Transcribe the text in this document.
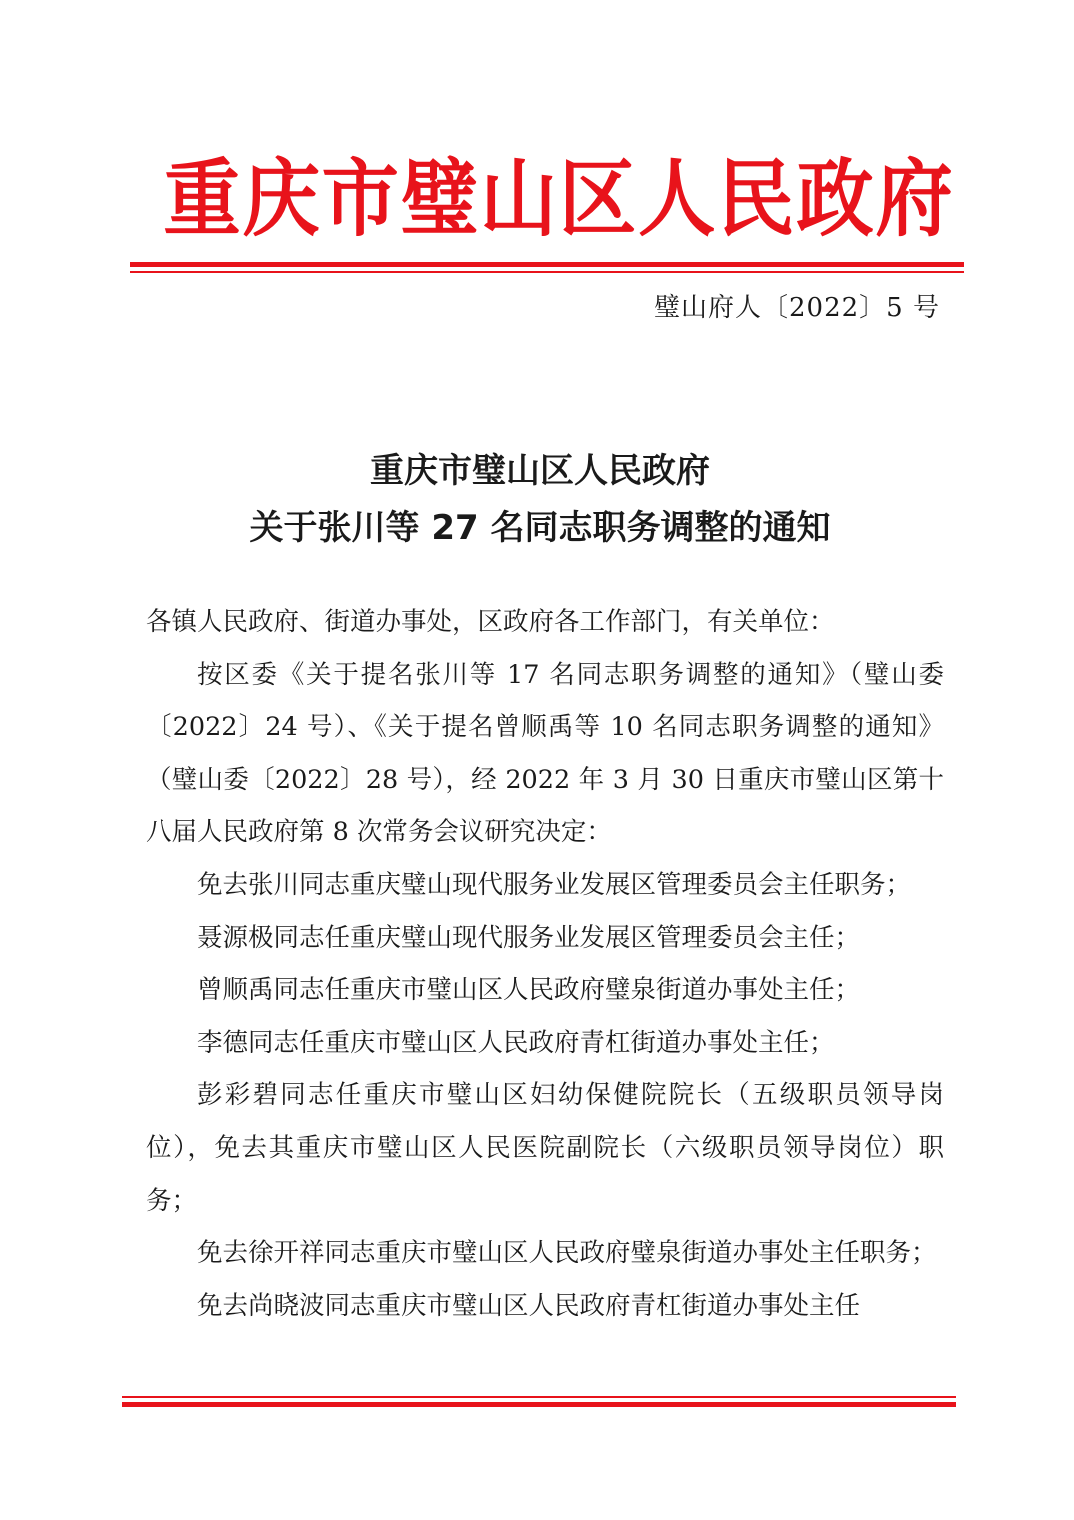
重庆市璧山区人民政府
璧山府人〔2022〕5 号
重庆市璧山区人民政府
关于张川等 27 名同志职务调整的通知

各镇人民政府、街道办事处，区政府各工作部门，有关单位：

按区委《关于提名张川等 17 名同志职务调整的通知》（璧山委〔2022〕24 号）、《关于提名曾顺禹等 10 名同志职务调整的通知》（璧山委〔2022〕28 号），经 2022 年 3 月 30 日重庆市璧山区第十八届人民政府第 8 次常务会议研究决定：

免去张川同志重庆璧山现代服务业发展区管理委员会主任职务；

聂源极同志任重庆璧山现代服务业发展区管理委员会主任；

曾顺禹同志任重庆市璧山区人民政府璧泉街道办事处主任；

李德同志任重庆市璧山区人民政府青杠街道办事处主任；

彭彩碧同志任重庆市璧山区妇幼保健院院长（五级职员领导岗位），免去其重庆市璧山区人民医院副院长（六级职员领导岗位）职务；

免去徐开祥同志重庆市璧山区人民政府璧泉街道办事处主任职务；

免去尚晓波同志重庆市璧山区人民政府青杠街道办事处主任
